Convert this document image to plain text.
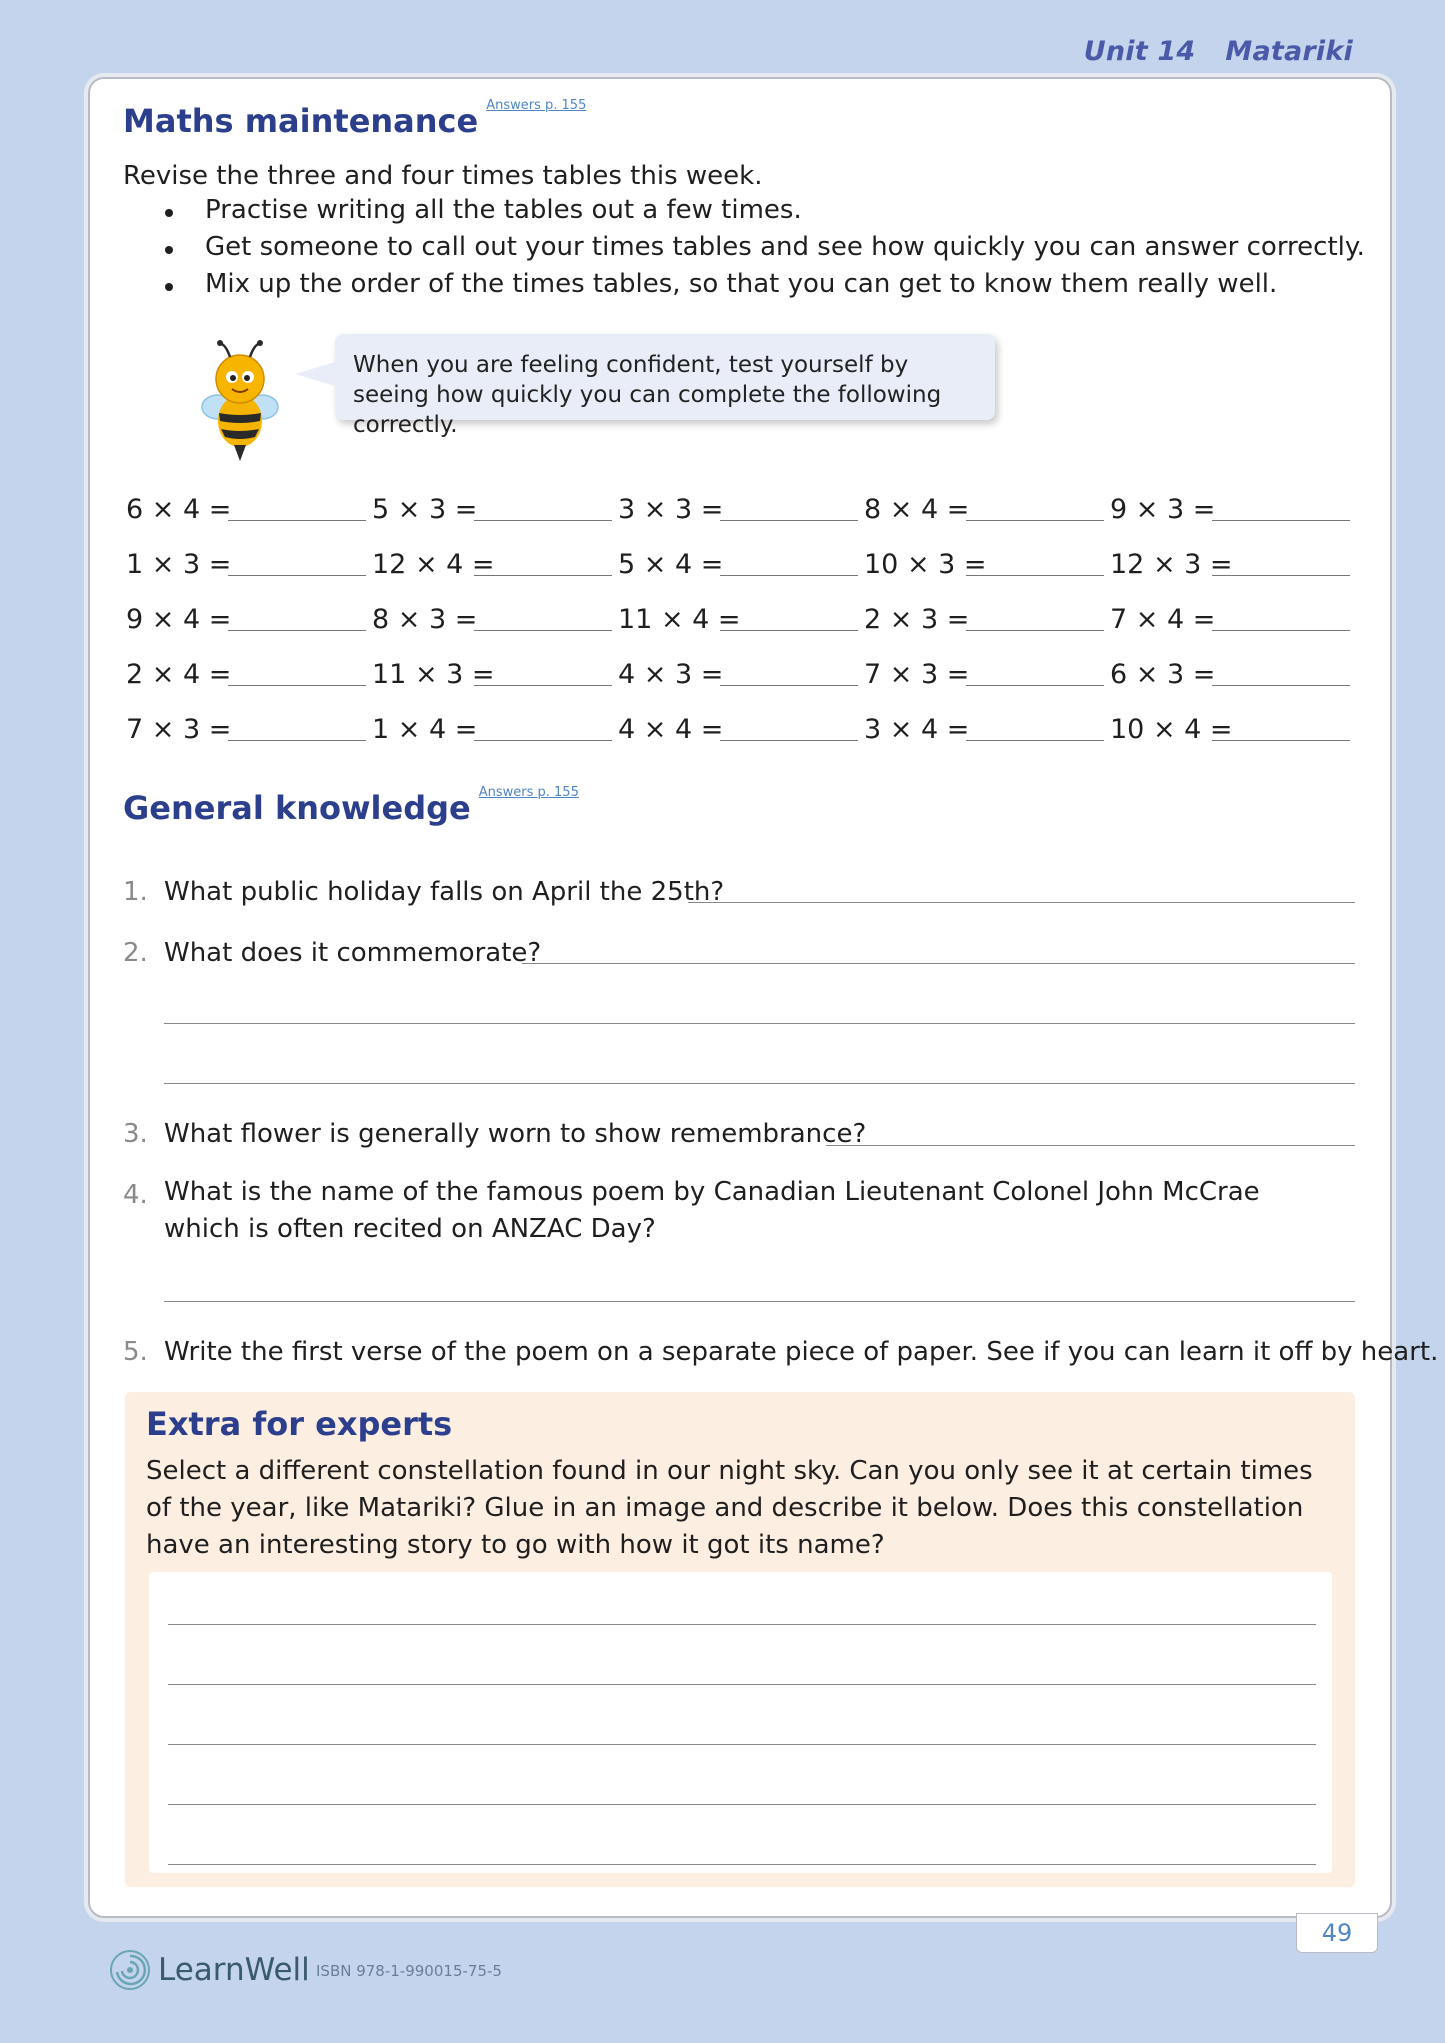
Unit 14 Matariki
Maths maintenance $^{Answers p. 155}$
Revise the three and four times tables this week.
Practise writing all the tables out a few times.
Get someone to call out your times tables and see how quickly you can answer correctly.
Mix up the order of the times tables, so that you can get to know them really well.
When you are feeling confident, test yourself by seeing how quickly you can complete the following correctly.
6 × 4 =	5 × 3 =	3 × 3 =	8 × 4 =	9 × 3 =
1 × 3 =	12 × 4 =	5 × 4 =	10 × 3 =	12 × 3 =
9 × 4 =	8 × 3 =	11 × 4 =	2 × 3 =	7 × 4 =
2 × 4 =	11 × 3 =	4 × 3 =	7 × 3 =	6 × 3 =
7 × 3 =	1 × 4 =	4 × 4 =	3 × 4 =	10 × 4 =
General knowledge $^{Answers p. 155}$
1. What public holiday falls on April the 25th?
2. What does it commemorate?
3. What flower is generally worn to show remembrance?
4. What is the name of the famous poem by Canadian Lieutenant Colonel John McCrae which is often recited on ANZAC Day?
5. Write the first verse of the poem on a separate piece of paper. See if you can learn it off by heart.
Extra for experts
Select a different constellation found in our night sky. Can you only see it at certain times of the year, like Matariki? Glue in an image and describe it below. Does this constellation have an interesting story to go with how it got its name?
49
LearnWell ISBN 978-1-990015-75-5
